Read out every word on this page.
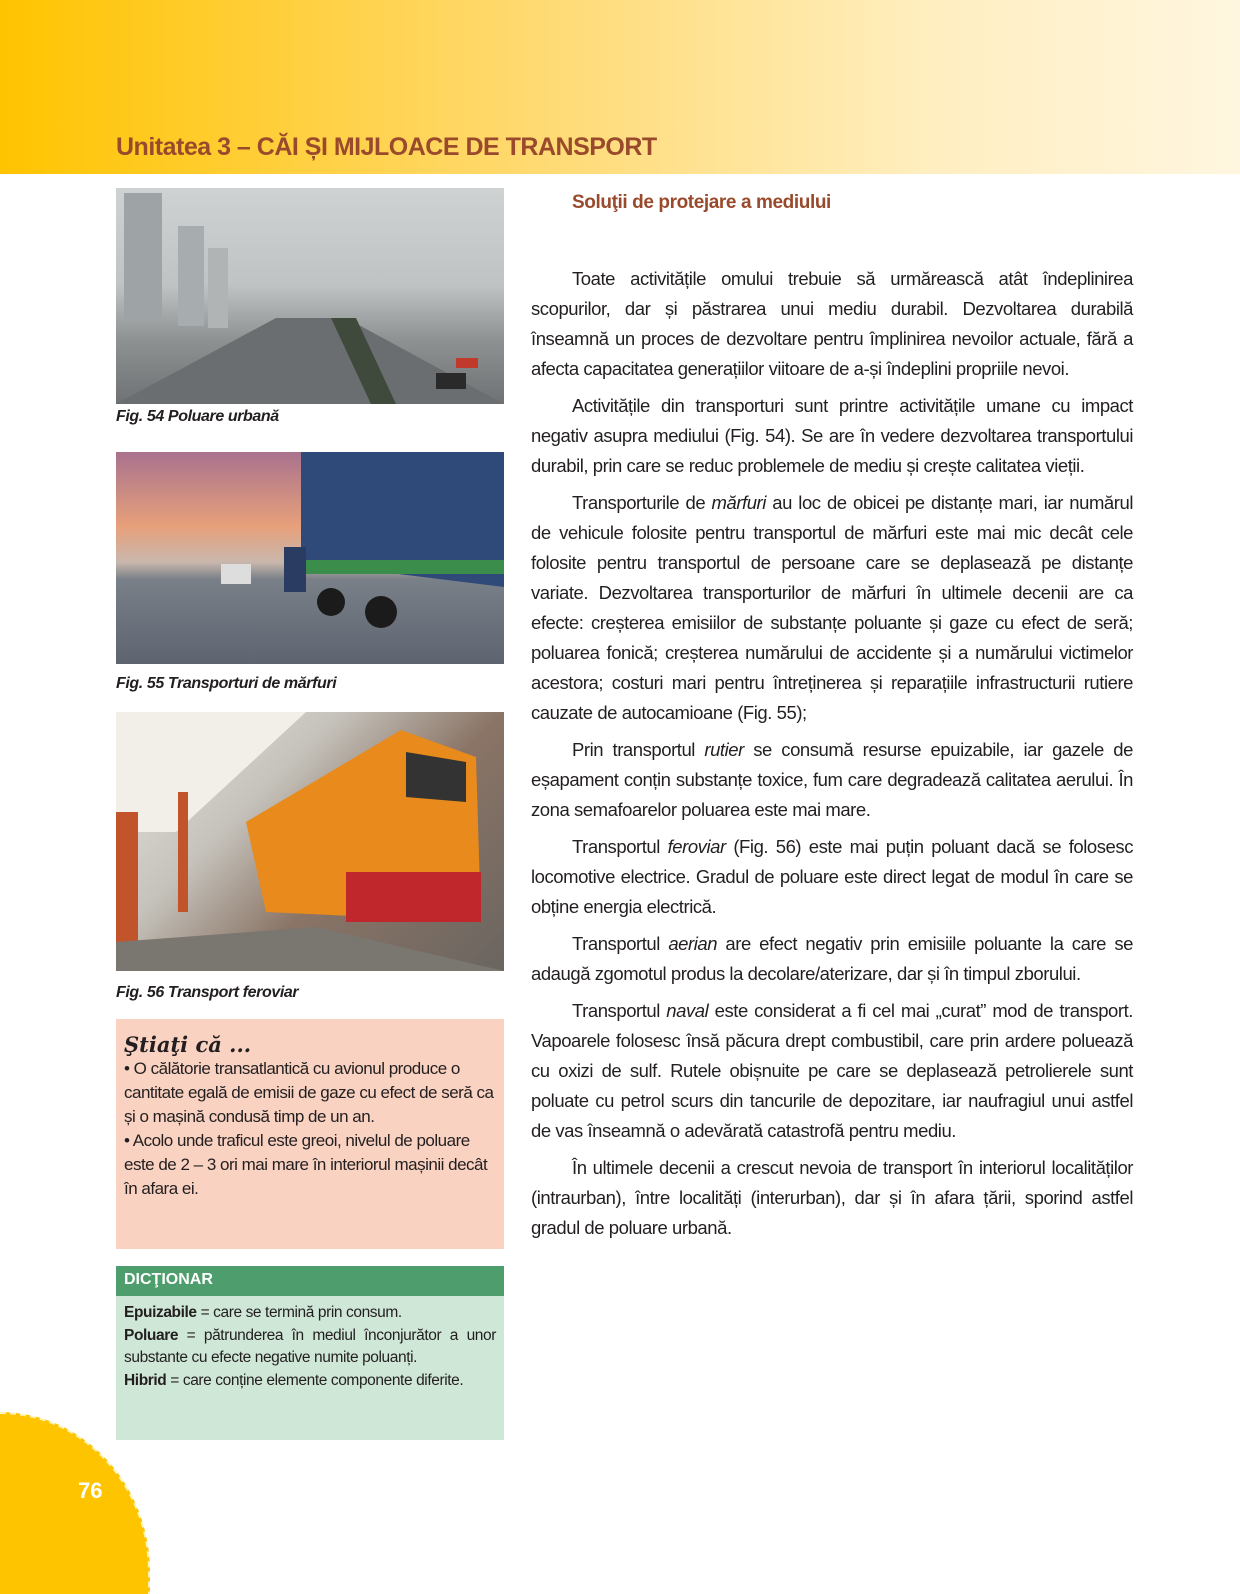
Unitatea 3 – CĂI ȘI MIJLOACE DE TRANSPORT
Fig. 54 Poluare urbană
Fig. 55 Transporturi de mărfuri
Fig. 56 Transport feroviar
Ştiaţi că ...

• O călătorie transatlantică cu avionul produce o cantitate egală de emisii de gaze cu efect de seră ca și o mașină condusă timp de un an.

• Acolo unde traficul este greoi, nivelul de poluare este de 2 – 3 ori mai mare în interiorul mașinii decât în afara ei.

DICŢIONAR
Epuizabile = care se termină prin consum.
Poluare = pătrunderea în mediul înconjurător a unor substante cu efecte negative numite poluanți.
Hibrid = care conține elemente componente diferite.
Soluţii de protejare a mediului

Toate activitățile omului trebuie să urmărească atât îndeplinirea scopurilor, dar și păstrarea unui mediu durabil. Dezvoltarea durabilă înseamnă un proces de dezvoltare pentru împlinirea nevoilor actuale, fără a afecta capacitatea generațiilor viitoare de a-și îndeplini propriile nevoi.

Activitățile din transporturi sunt printre activitățile umane cu impact negativ asupra mediului (Fig. 54). Se are în vedere dezvoltarea transportului durabil, prin care se reduc problemele de mediu și crește calitatea vieții.

Transporturile de mărfuri au loc de obicei pe distanțe mari, iar numărul de vehicule folosite pentru transportul de mărfuri este mai mic decât cele folosite pentru transportul de persoane care se deplasează pe distanțe variate. Dezvoltarea transporturilor de mărfuri în ultimele decenii are ca efecte: creșterea emisiilor de substanțe poluante și gaze cu efect de seră; poluarea fonică; creșterea numărului de accidente și a numărului victimelor acestora; costuri mari pentru întreținerea și reparațiile infrastructurii rutiere cauzate de autocamioane (Fig. 55);

Prin transportul rutier se consumă resurse epuizabile, iar gazele de eșapament conțin substanțe toxice, fum care degradează calitatea aerului. În zona semafoarelor poluarea este mai mare.

Transportul feroviar (Fig. 56) este mai puțin poluant dacă se folosesc locomotive electrice. Gradul de poluare este direct legat de modul în care se obține energia electrică.

Transportul aerian are efect negativ prin emisiile poluante la care se adaugă zgomotul produs la decolare/aterizare, dar și în timpul zborului.

Transportul naval este considerat a fi cel mai „curat” mod de transport. Vapoarele folosesc însă păcura drept combustibil, care prin ardere poluează cu oxizi de sulf. Rutele obișnuite pe care se deplasează petrolierele sunt poluate cu petrol scurs din tancurile de depozitare, iar naufragiul unui astfel de vas înseamnă o adevărată catastrofă pentru mediu.

În ultimele decenii a crescut nevoia de transport în interiorul localităților (intraurban), între localități (interurban), dar și în afara țării, sporind astfel gradul de poluare urbană.

76
